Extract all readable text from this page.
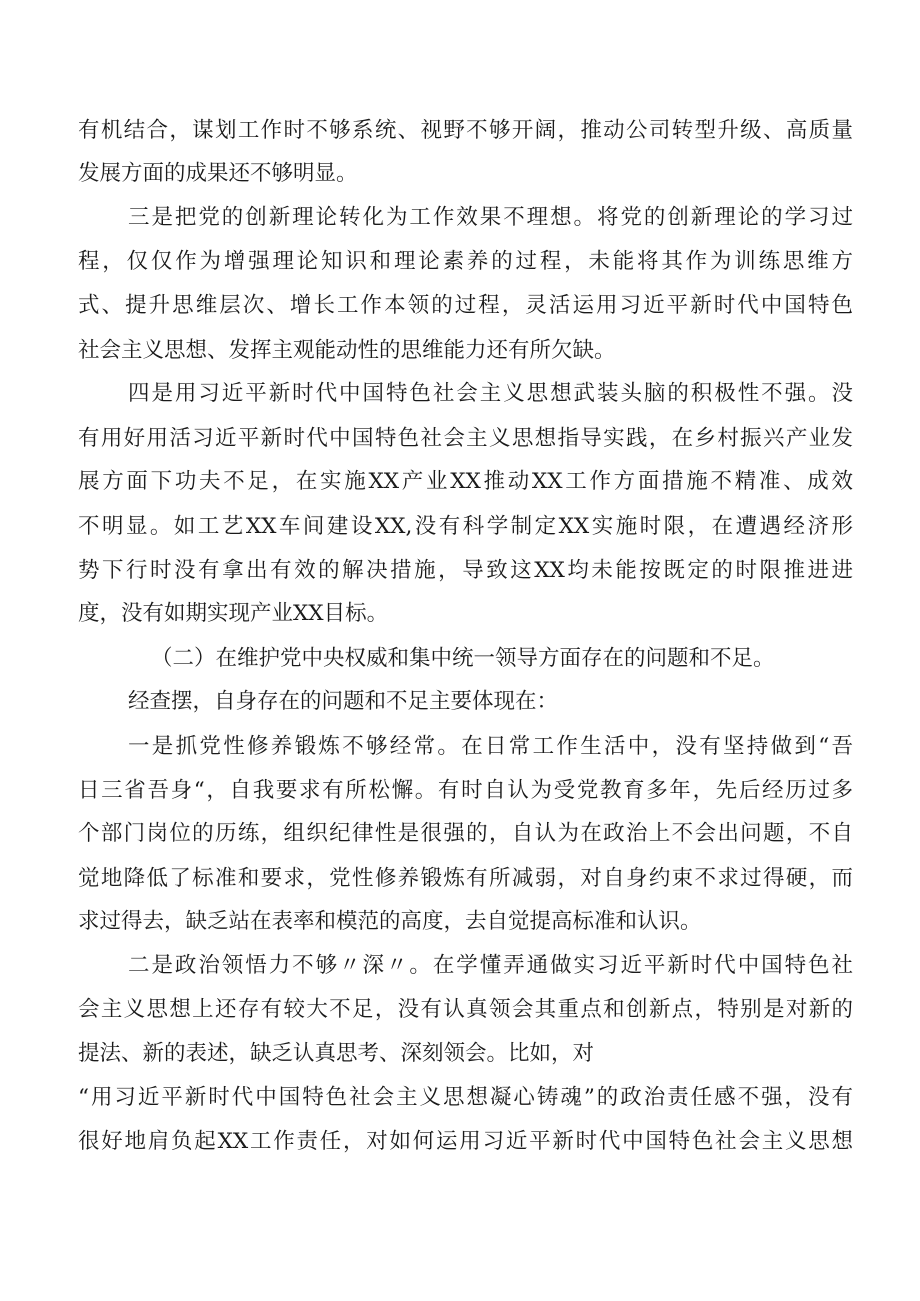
有机结合，谋划工作时不够系统、视野不够开阔，推动公司转型升级、高质量
发展方面的成果还不够明显。
三是把党的创新理论转化为工作效果不理想。将党的创新理论的学习过
程，仅仅作为增强理论知识和理论素养的过程，未能将其作为训练思维方
式、提升思维层次、增长工作本领的过程，灵活运用习近平新时代中国特色
社会主义思想、发挥主观能动性的思维能力还有所欠缺。
四是用习近平新时代中国特色社会主义思想武装头脑的积极性不强。没
有用好用活习近平新时代中国特色社会主义思想指导实践，在乡村振兴产业发
展方面下功夫不足，在实施XX产业XX推动XX工作方面措施不精准、成效
不明显。如工艺XX车间建设XX,没有科学制定XX实施时限，在遭遇经济形
势下行时没有拿出有效的解决措施，导致这XX均未能按既定的时限推进进
度，没有如期实现产业XX目标。
（二）在维护党中央权威和集中统一领导方面存在的问题和不足。
经查摆，自身存在的问题和不足主要体现在：
一是抓党性修养锻炼不够经常。在日常工作生活中，没有坚持做到“吾
日三省吾身“，自我要求有所松懈。有时自认为受党教育多年，先后经历过多
个部门岗位的历练，组织纪律性是很强的，自认为在政治上不会出问题，不自
觉地降低了标准和要求，党性修养锻炼有所减弱，对自身约束不求过得硬，而
求过得去，缺乏站在表率和模范的高度，去自觉提高标准和认识。
二是政治领悟力不够〃深〃。在学懂弄通做实习近平新时代中国特色社
会主义思想上还存有较大不足，没有认真领会其重点和创新点，特别是对新的
提法、新的表述，缺乏认真思考、深刻领会。比如，对
“用习近平新时代中国特色社会主义思想凝心铸魂”的政治责任感不强，没有
很好地肩负起XX工作责任，对如何运用习近平新时代中国特色社会主义思想
